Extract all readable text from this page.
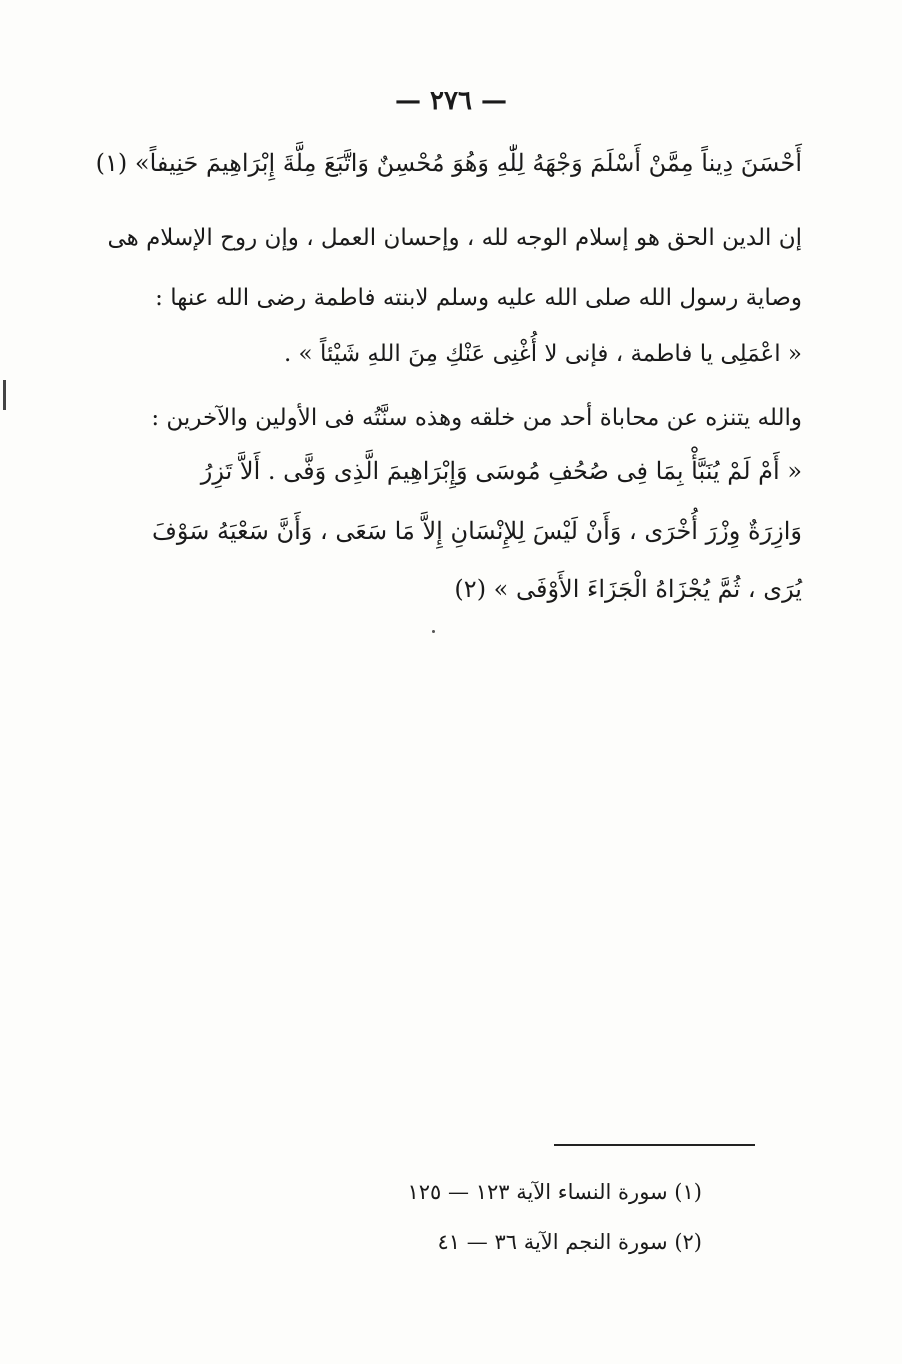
— ٢٧٦ —
أَحْسَنَ دِيناً مِمَّنْ أَسْلَمَ وَجْهَهُ لِلّٰهِ وَهُوَ مُحْسِنٌ وَاتَّبَعَ مِلَّةَ إِبْرَاهِيمَ حَنِيفاً» (١)
إن الدين الحق هو إسلام الوجه لله ، وإحسان العمل ، وإن روح الإسلام هى
وصاية رسول الله صلى الله عليه وسلم لابنته فاطمة رضى الله عنها :
« اعْمَلِى يا فاطمة ، فإنى لا أُغْنِى عَنْكِ مِنَ اللهِ شَيْئاً » .
والله يتنزه عن محاباة أحد من خلقه وهذه سنَّتُه فى الأولين والآخرين :
« أَمْ لَمْ يُنَبَّأْ بِمَا فِى صُحُفِ مُوسَى وَإِبْرَاهِيمَ الَّذِى وَفَّى . أَلاَّ تَزِرُ
وَازِرَةٌ وِزْرَ أُخْرَى ، وَأَنْ لَيْسَ لِلإِنْسَانِ إِلاَّ مَا سَعَى ، وَأَنَّ سَعْيَهُ سَوْفَ
يُرَى ، ثُمَّ يُجْزَاهُ الْجَزَاءَ الأَوْفَى » (٢)
(١) سورة النساء الآية ١٢٣ — ١٢٥
(٢) سورة النجم الآية ٣٦ — ٤١
